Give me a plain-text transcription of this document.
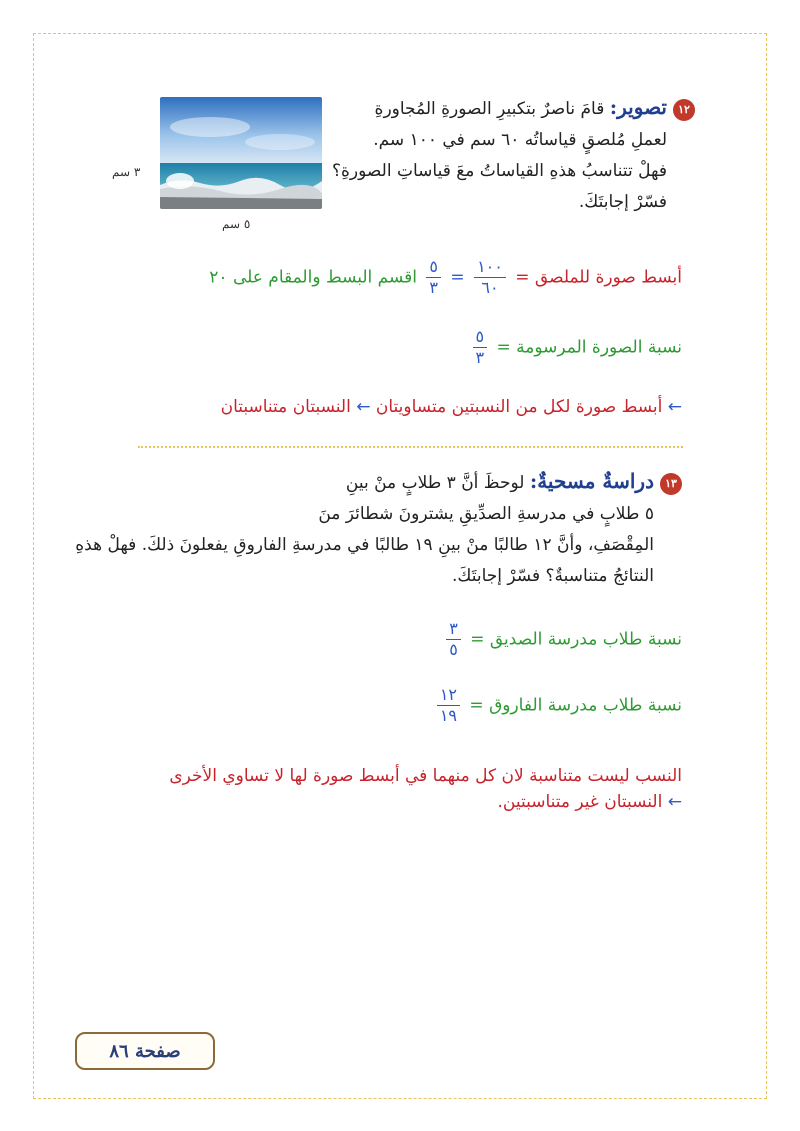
١٢تصوير: قامَ ناصرٌ بتكبيرِ الصورةِ المُجاورةِ
لعملِ مُلصقٍ قياساتُه ٦٠ سم في ١٠٠ سم.
فهلْ تتناسبُ هذهِ القياساتُ معَ قياساتِ الصورةِ؟
فسّرْ إجابتَكَ.
٣ سم
٥ سم
أبسط صورة للملصق =
$\frac{١٠٠}{٦٠}$
=
$\frac{٥}{٣}$
اقسم البسط والمقام على ٢٠
نسبة الصورة المرسومة =
$\frac{٥}{٣}$
← أبسط صورة لكل من النسبتين متساويتان ← النسبتان متناسبتان
١٣دراسةٌ مسحيةٌ: لوحظَ أنَّ ٣ طلابٍ منْ بينِ
٥ طلابٍ في مدرسةِ الصدِّيقِ يشترونَ شطائرَ منَ
المِقْصَفِ، وأنَّ ١٢ طالبًا منْ بينِ ١٩ طالبًا في مدرسةِ الفاروقِ يفعلونَ ذلكَ. فهلْ هذهِ
النتائجُ متناسبةٌ؟ فسّرْ إجابتَكَ.
نسبة طلاب مدرسة الصديق =
$\frac{٣}{٥}$
نسبة طلاب مدرسة الفاروق =
$\frac{١٢}{١٩}$
النسب ليست متناسبة لان كل منهما في أبسط صورة لها لا تساوي الأخرى
← النسبتان غير متناسبتين.
صفحة ٨٦
